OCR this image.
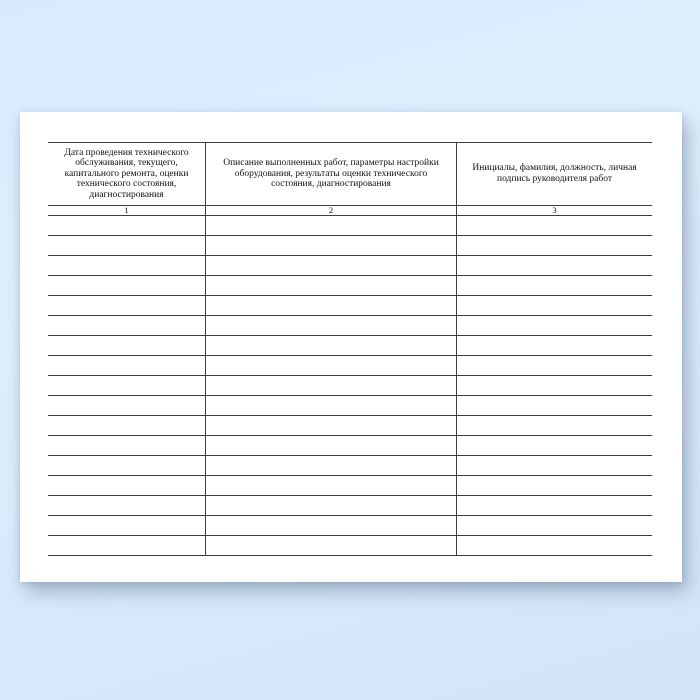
Дата проведения технического обслуживания, текущего, капитального ремонта, оценки технического состояния, диагностирования
Описание выполненных работ, параметры настройки оборудования, результаты оценки технического состояния, диагностирования
Инициалы, фамилия, должность, личная подпись руководителя работ
1	2	3
